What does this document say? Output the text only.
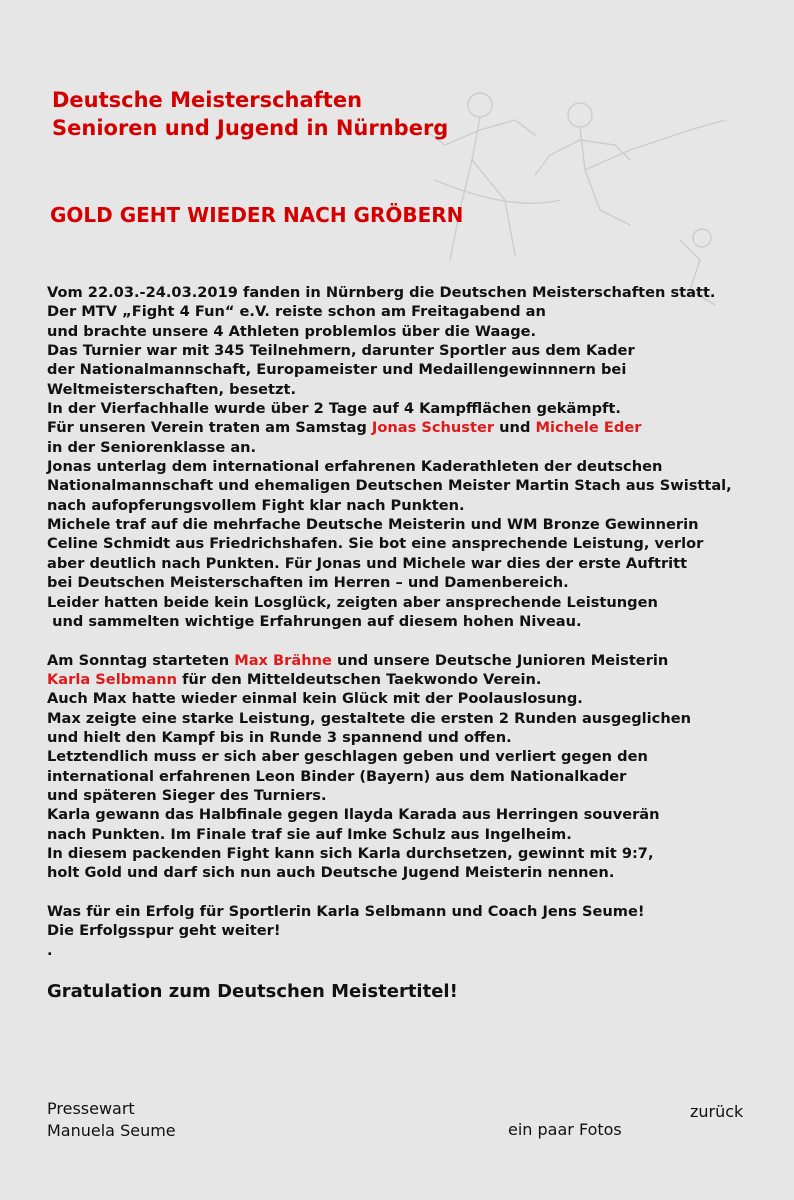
Deutsche Meisterschaften
Senioren und Jugend in Nürnberg
GOLD GEHT WIEDER NACH GRÖBERN
Vom 22.03.-24.03.2019 fanden in Nürnberg die Deutschen Meisterschaften statt.
Der MTV „Fight 4 Fun“ e.V. reiste schon am Freitagabend an
und brachte unsere 4 Athleten problemlos über die Waage.
Das Turnier war mit 345 Teilnehmern, darunter Sportler aus dem Kader
der Nationalmannschaft, Europameister und Medaillengewinnnern bei
Weltmeisterschaften, besetzt.
In der Vierfachhalle wurde über 2 Tage auf 4 Kampfflächen gekämpft.
Für unseren Verein traten am Samstag Jonas Schuster und Michele Eder
in der Seniorenklasse an.
Jonas unterlag dem international erfahrenen Kaderathleten der deutschen
Nationalmannschaft und ehemaligen Deutschen Meister Martin Stach aus Swisttal,
nach aufopferungsvollem Fight klar nach Punkten.
Michele traf auf die mehrfache Deutsche Meisterin und WM Bronze Gewinnerin
Celine Schmidt aus Friedrichshafen. Sie bot eine ansprechende Leistung, verlor
aber deutlich nach Punkten. Für Jonas und Michele war dies der erste Auftritt
bei Deutschen Meisterschaften im Herren – und Damenbereich.
Leider hatten beide kein Losglück, zeigten aber ansprechende Leistungen
und sammelten wichtige Erfahrungen auf diesem hohen Niveau.
Am Sonntag starteten Max Brähne und unsere Deutsche Junioren Meisterin
Karla Selbmann für den Mitteldeutschen Taekwondo Verein.
Auch Max hatte wieder einmal kein Glück mit der Poolauslosung.
Max zeigte eine starke Leistung, gestaltete die ersten 2 Runden ausgeglichen
und hielt den Kampf bis in Runde 3 spannend und offen.
Letztendlich muss er sich aber geschlagen geben und verliert gegen den
international erfahrenen Leon Binder (Bayern) aus dem Nationalkader
und späteren Sieger des Turniers.
Karla gewann das Halbfinale gegen Ilayda Karada aus Herringen souverän
nach Punkten. Im Finale traf sie auf Imke Schulz aus Ingelheim.
In diesem packenden Fight kann sich Karla durchsetzen, gewinnt mit 9:7,
holt Gold und darf sich nun auch Deutsche Jugend Meisterin nennen.
Was für ein Erfolg für Sportlerin Karla Selbmann und Coach Jens Seume!
Die Erfolgsspur geht weiter!
.
Gratulation zum Deutschen Meistertitel!
Pressewart
Manuela Seume	ein paar Fotos
zurück
